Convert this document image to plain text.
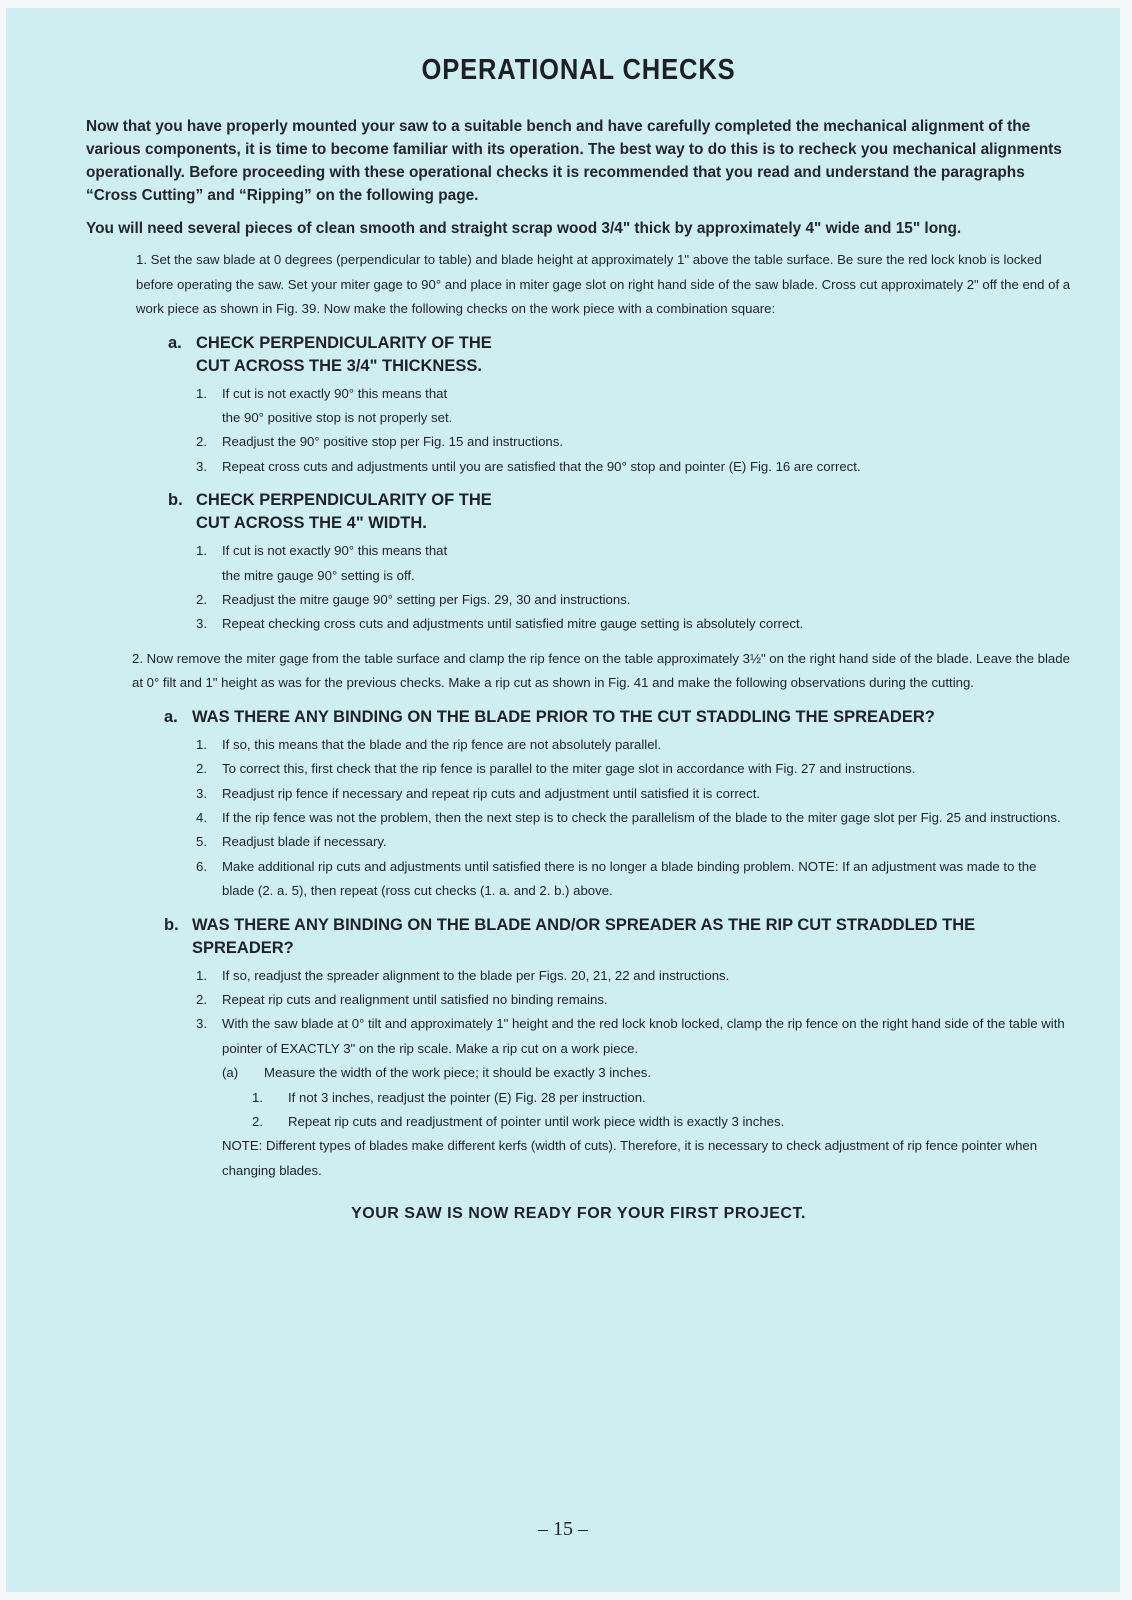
OPERATIONAL CHECKS

Now that you have properly mounted your saw to a suitable bench and have carefully completed the mechanical alignment of the various components, it is time to become familiar with its operation. The best way to do this is to recheck you mechanical alignments operationally. Before proceeding with these operational checks it is recommended that you read and understand the paragraphs “Cross Cutting” and “Ripping” on the following page.

You will need several pieces of clean smooth and straight scrap wood 3/4" thick by approximately 4" wide and 15" long.

1. Set the saw blade at 0 degrees (perpendicular to table) and blade height at approximately 1" above the table surface. Be sure the red lock knob is locked before operating the saw. Set your miter gage to 90° and place in miter gage slot on right hand side of the saw blade. Cross cut approximately 2" off the end of a work piece as shown in Fig. 39. Now make the following checks on the work piece with a combination square:

a. CHECK PERPENDICULARITY OF THE CUT ACROSS THE 3/4" THICKNESS.
1.	If cut is not exactly 90° this means that the 90° positive stop is not properly set.
2.	Readjust the 90° positive stop per Fig. 15 and instructions.
3.	Repeat cross cuts and adjustments until you are satisfied that the 90° stop and pointer (E) Fig. 16 are correct.
b. CHECK PERPENDICULARITY OF THE CUT ACROSS THE 4" WIDTH.
1.	If cut is not exactly 90° this means that the mitre gauge 90° setting is off.
2.	Readjust the mitre gauge 90° setting per Figs. 29, 30 and instructions.
3.	Repeat checking cross cuts and adjustments until satisfied mitre gauge setting is absolutely correct.

2. Now remove the miter gage from the table surface and clamp the rip fence on the table approximately 3½" on the right hand side of the blade. Leave the blade at 0° filt and 1" height as was for the previous checks. Make a rip cut as shown in Fig. 41 and make the following observations during the cutting.

a. WAS THERE ANY BINDING ON THE BLADE PRIOR TO THE CUT STADDLING THE SPREADER?
1.	If so, this means that the blade and the rip fence are not absolutely parallel.
2.	To correct this, first check that the rip fence is parallel to the miter gage slot in accordance with Fig. 27 and instructions.
3.	Readjust rip fence if necessary and repeat rip cuts and adjustment until satisfied it is correct.
4.	If the rip fence was not the problem, then the next step is to check the parallelism of the blade to the miter gage slot per Fig. 25 and instructions.
5.	Readjust blade if necessary.
6.	Make additional rip cuts and adjustments until satisfied there is no longer a blade binding problem. NOTE: If an adjustment was made to the blade (2. a. 5), then repeat (ross cut checks (1. a. and 2. b.) above.
b. WAS THERE ANY BINDING ON THE BLADE AND/OR SPREADER AS THE RIP CUT STRADDLED THE SPREADER?
1.	If so, readjust the spreader alignment to the blade per Figs. 20, 21, 22 and instructions.
2.	Repeat rip cuts and realignment until satisfied no binding remains.
3.	With the saw blade at 0° tilt and approximately 1" height and the red lock knob locked, clamp the rip fence on the right hand side of the table with pointer of EXACTLY 3" on the rip scale. Make a rip cut on a work piece.
(a)	Measure the width of the work piece; it should be exactly 3 inches.
1.	If not 3 inches, readjust the pointer (E) Fig. 28 per instruction.
2.	Repeat rip cuts and readjustment of pointer until work piece width is exactly 3 inches.
NOTE: Different types of blades make different kerfs (width of cuts). Therefore, it is necessary to check adjustment of rip fence pointer when changing blades.
YOUR SAW IS NOW READY FOR YOUR FIRST PROJECT.
– 15 –
